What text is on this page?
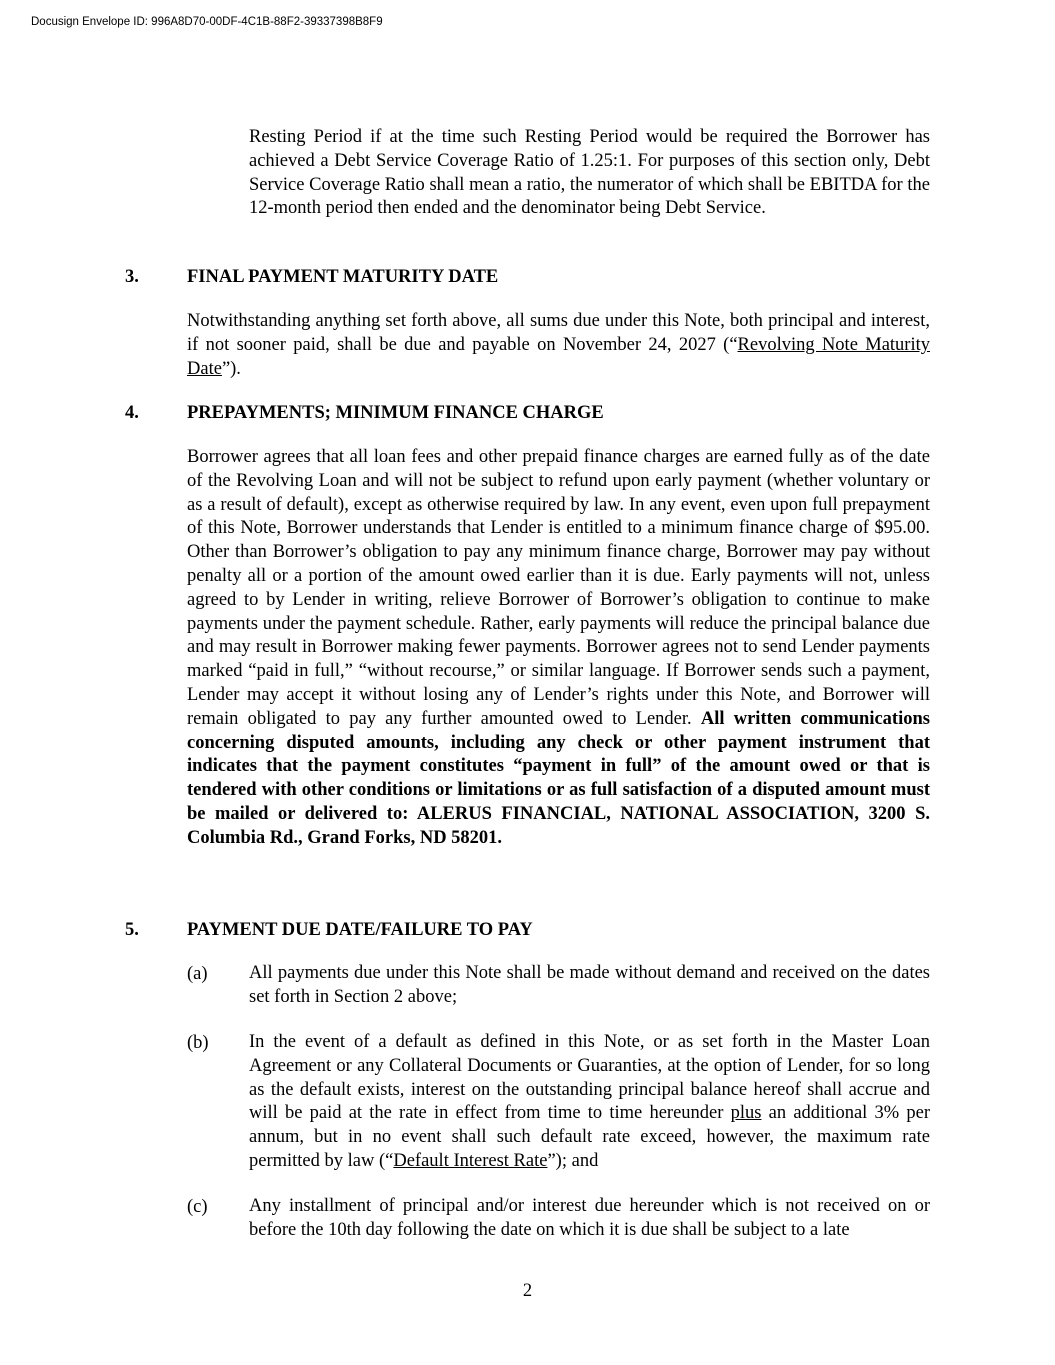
Docusign Envelope ID: 996A8D70-00DF-4C1B-88F2-39337398B8F9

Resting Period if at the time such Resting Period would be required the Borrower has achieved a Debt Service Coverage Ratio of 1.25:1. For purposes of this section only, Debt Service Coverage Ratio shall mean a ratio, the numerator of which shall be EBITDA for the 12-month period then ended and the denominator being Debt Service.

3.	FINAL PAYMENT MATURITY DATE

Notwithstanding anything set forth above, all sums due under this Note, both principal and interest, if not sooner paid, shall be due and payable on November 24, 2027 (“Revolving Note Maturity Date”).

4.	PREPAYMENTS; MINIMUM FINANCE CHARGE

Borrower agrees that all loan fees and other prepaid finance charges are earned fully as of the date of the Revolving Loan and will not be subject to refund upon early payment (whether voluntary or as a result of default), except as otherwise required by law. In any event, even upon full prepayment of this Note, Borrower understands that Lender is entitled to a minimum finance charge of $95.00. Other than Borrower’s obligation to pay any minimum finance charge, Borrower may pay without penalty all or a portion of the amount owed earlier than it is due. Early payments will not, unless agreed to by Lender in writing, relieve Borrower of Borrower’s obligation to continue to make payments under the payment schedule. Rather, early payments will reduce the principal balance due and may result in Borrower making fewer payments. Borrower agrees not to send Lender payments marked “paid in full,” “without recourse,” or similar language. If Borrower sends such a payment, Lender may accept it without losing any of Lender’s rights under this Note, and Borrower will remain obligated to pay any further amounted owed to Lender. All written communications concerning disputed amounts, including any check or other payment instrument that indicates that the payment constitutes “payment in full” of the amount owed or that is tendered with other conditions or limitations or as full satisfaction of a disputed amount must be mailed or delivered to: ALERUS FINANCIAL, NATIONAL ASSOCIATION, 3200 S. Columbia Rd., Grand Forks, ND 58201.

5.	PAYMENT DUE DATE/FAILURE TO PAY
(a) All payments due under this Note shall be made without demand and received on the dates set forth in Section 2 above;

(b) In the event of a default as defined in this Note, or as set forth in the Master Loan Agreement or any Collateral Documents or Guaranties, at the option of Lender, for so long as the default exists, interest on the outstanding principal balance hereof shall accrue and will be paid at the rate in effect from time to time hereunder plus an additional 3% per annum, but in no event shall such default rate exceed, however, the maximum rate permitted by law (“Default Interest Rate”); and

(c) Any installment of principal and/or interest due hereunder which is not received on or before the 10th day following the date on which it is due shall be subject to a late

2
